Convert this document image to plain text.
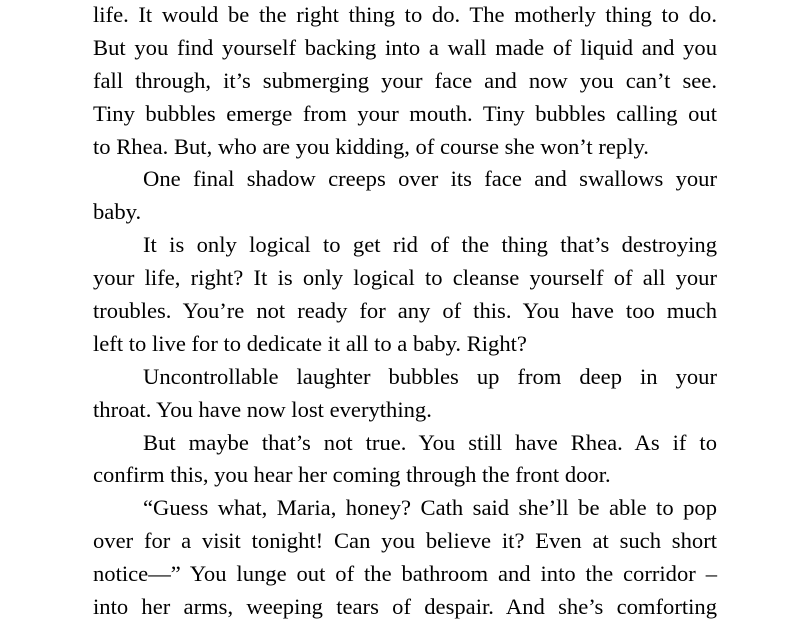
life. It would be the right thing to do. The motherly thing to do.
But you find yourself backing into a wall made of liquid and you
fall through, it’s submerging your face and now you can’t see.
Tiny bubbles emerge from your mouth. Tiny bubbles calling out
to Rhea. But, who are you kidding, of course she won’t reply.
One final shadow creeps over its face and swallows your
baby.
It is only logical to get rid of the thing that’s destroying
your life, right? It is only logical to cleanse yourself of all your
troubles. You’re not ready for any of this. You have too much
left to live for to dedicate it all to a baby. Right?
Uncontrollable laughter bubbles up from deep in your
throat. You have now lost everything.
But maybe that’s not true. You still have Rhea. As if to
confirm this, you hear her coming through the front door.
“Guess what, Maria, honey? Cath said she’ll be able to pop
over for a visit tonight! Can you believe it? Even at such short
notice—” You lunge out of the bathroom and into the corridor –
into her arms, weeping tears of despair. And she’s comforting
